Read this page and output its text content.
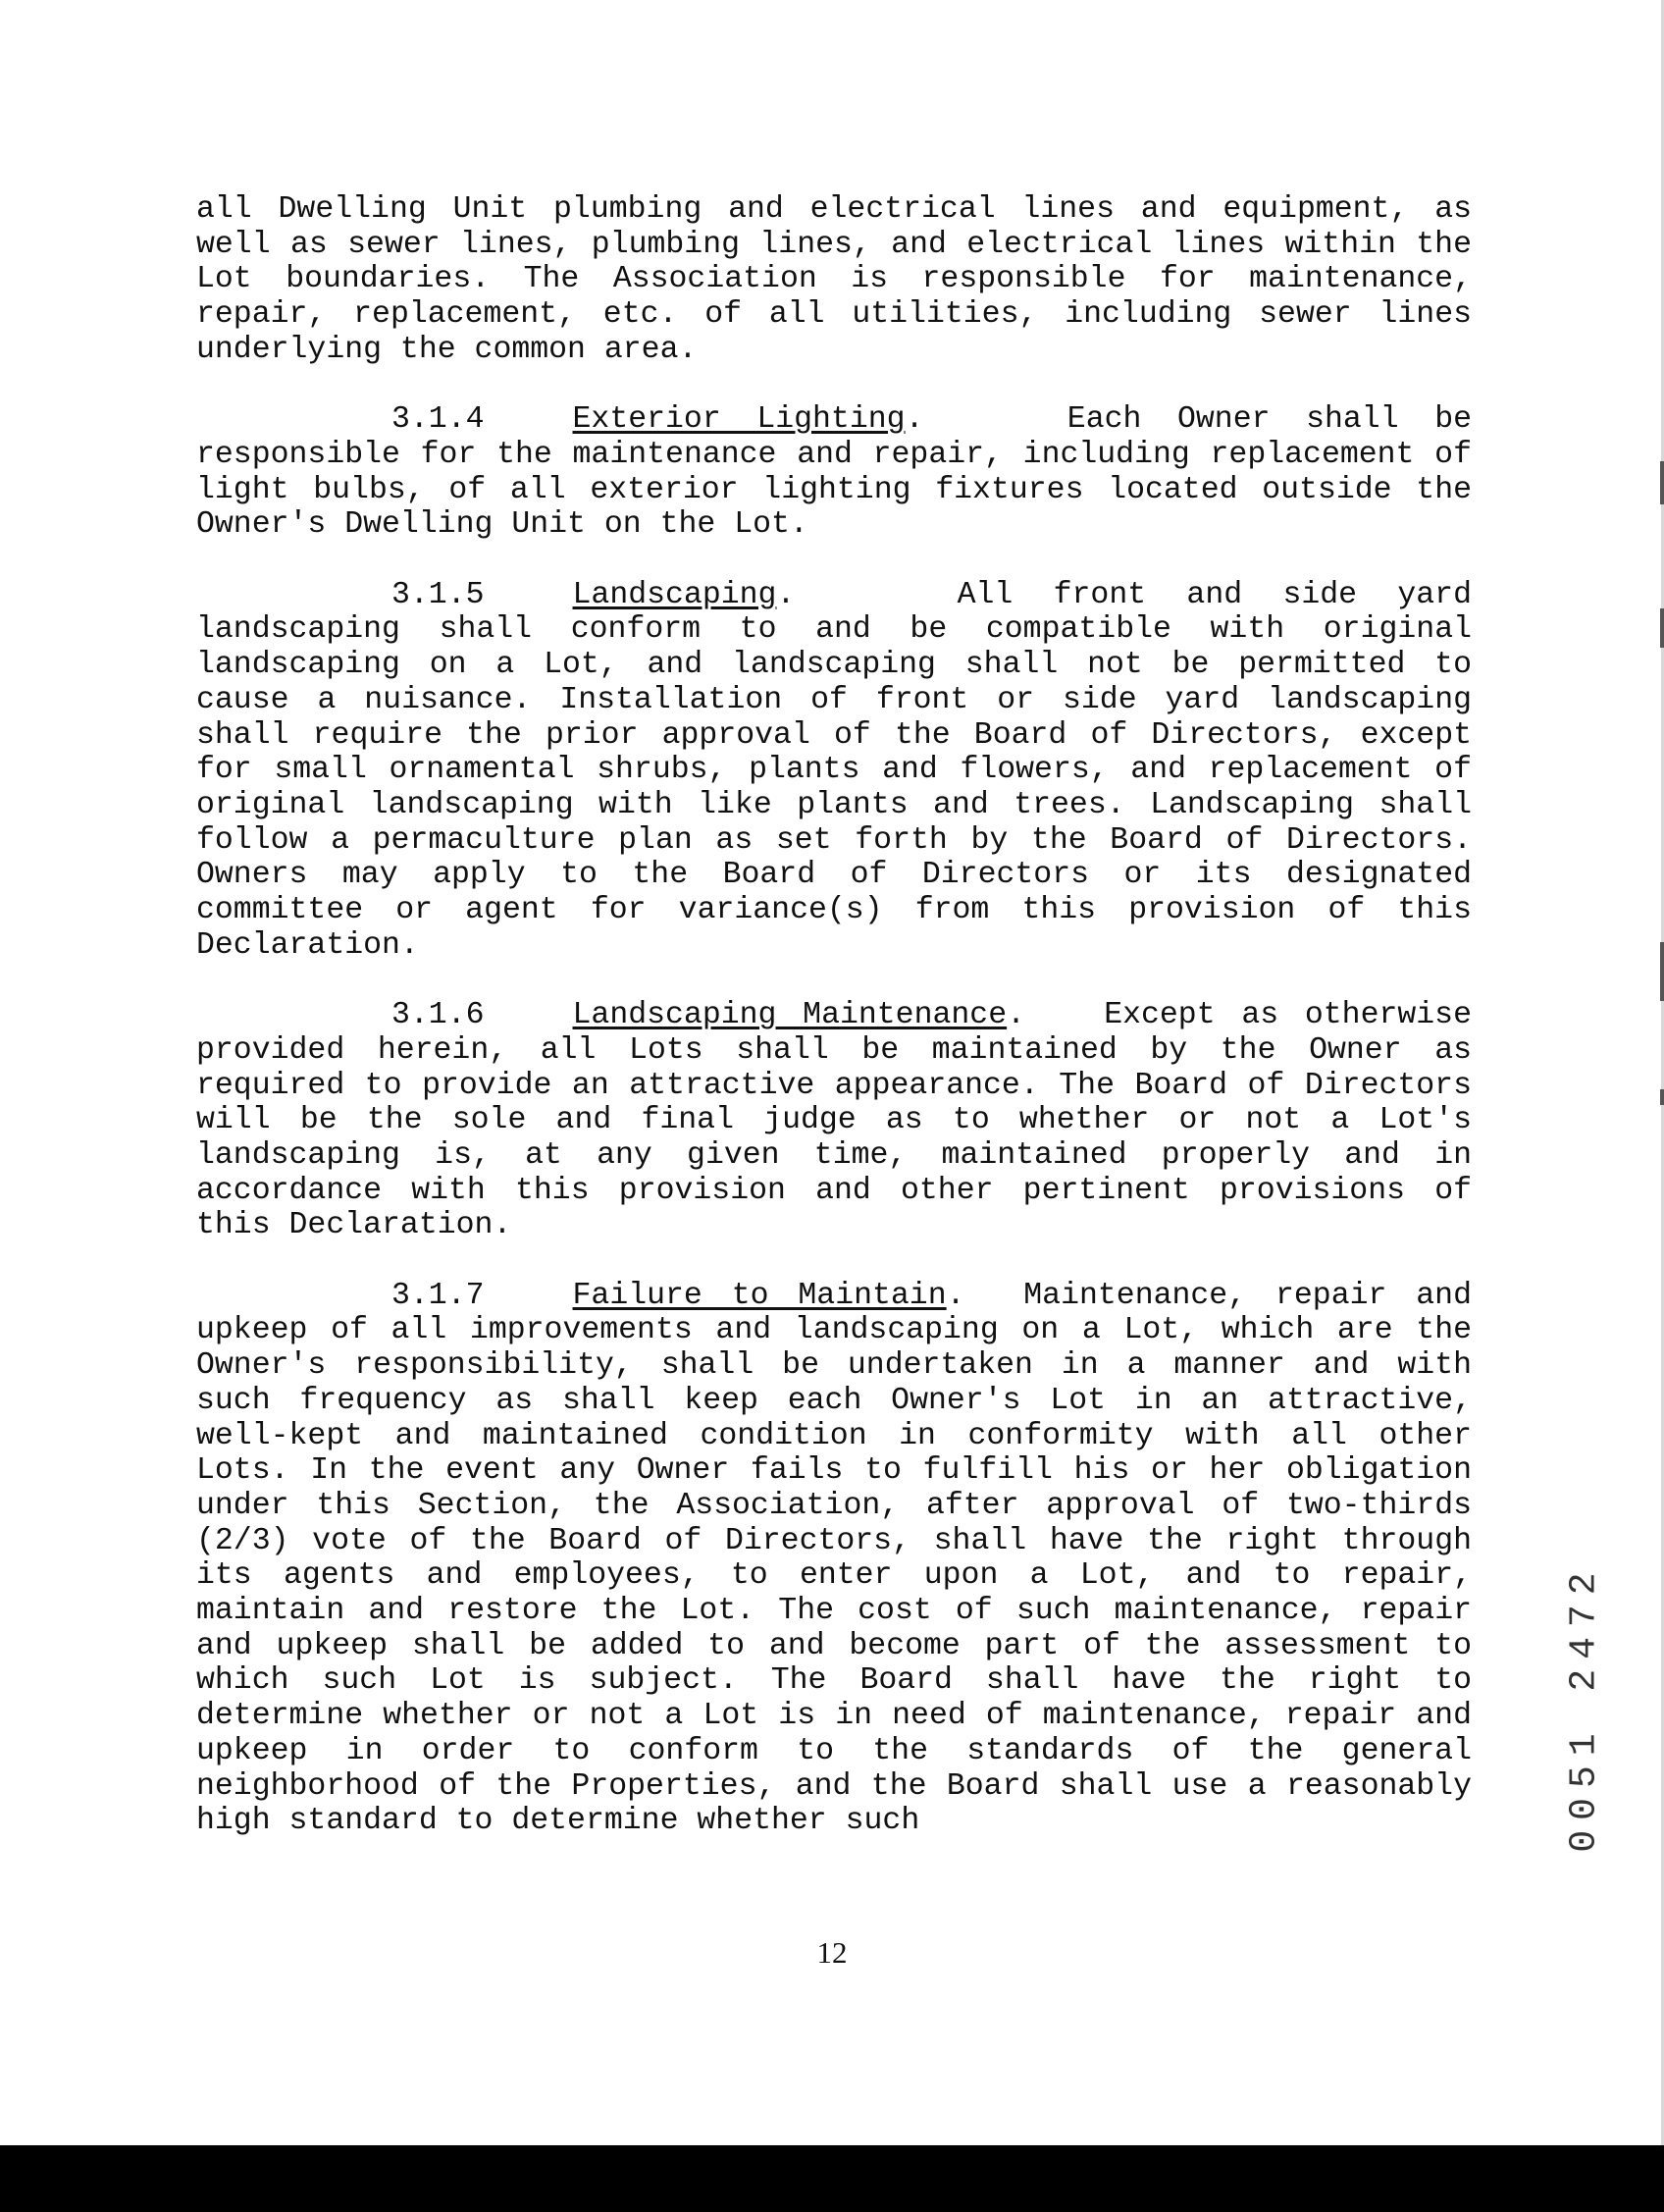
all Dwelling Unit plumbing and electrical lines and equipment, as well as sewer lines, plumbing lines, and electrical lines within the Lot boundaries. The Association is responsible for maintenance, repair, replacement, etc. of all utilities, including sewer lines underlying the common area.

3.1.4	Exterior Lighting.    Each Owner shall be responsible for the maintenance and repair, including replacement of light bulbs, of all exterior lighting fixtures located outside the Owner's Dwelling Unit on the Lot.

3.1.5	Landscaping.    All front and side yard landscaping shall conform to and be compatible with original landscaping on a Lot, and landscaping shall not be permitted to cause a nuisance. Installation of front or side yard landscaping shall require the prior approval of the Board of Directors, except for small ornamental shrubs, plants and flowers, and replacement of original landscaping with like plants and trees. Landscaping shall follow a permaculture plan as set forth by the Board of Directors. Owners may apply to the Board of Directors or its designated committee or agent for variance(s) from this provision of this Declaration.

3.1.6	Landscaping Maintenance.   Except as otherwise provided herein, all Lots shall be maintained by the Owner as required to provide an attractive appearance. The Board of Directors will be the sole and final judge as to whether or not a Lot's landscaping is, at any given time, maintained properly and in accordance with this provision and other pertinent provisions of this Declaration.

3.1.7	Failure to Maintain.  Maintenance, repair and upkeep of all improvements and landscaping on a Lot, which are the Owner's responsibility, shall be undertaken in a manner and with such frequency as shall keep each Owner's Lot in an attractive, well-kept and maintained condition in conformity with all other Lots. In the event any Owner fails to fulfill his or her obligation under this Section, the Association, after approval of two-thirds (2/3) vote of the Board of Directors, shall have the right through its agents and employees, to enter upon a Lot, and to repair, maintain and restore the Lot. The cost of such maintenance, repair and upkeep shall be added to and become part of the assessment to which such Lot is subject. The Board shall have the right to determine whether or not a Lot is in need of maintenance, repair and upkeep in order to conform to the standards of the general neighborhood of the Properties, and the Board shall use a reasonably high standard to determine whether such	0051 2472
12
